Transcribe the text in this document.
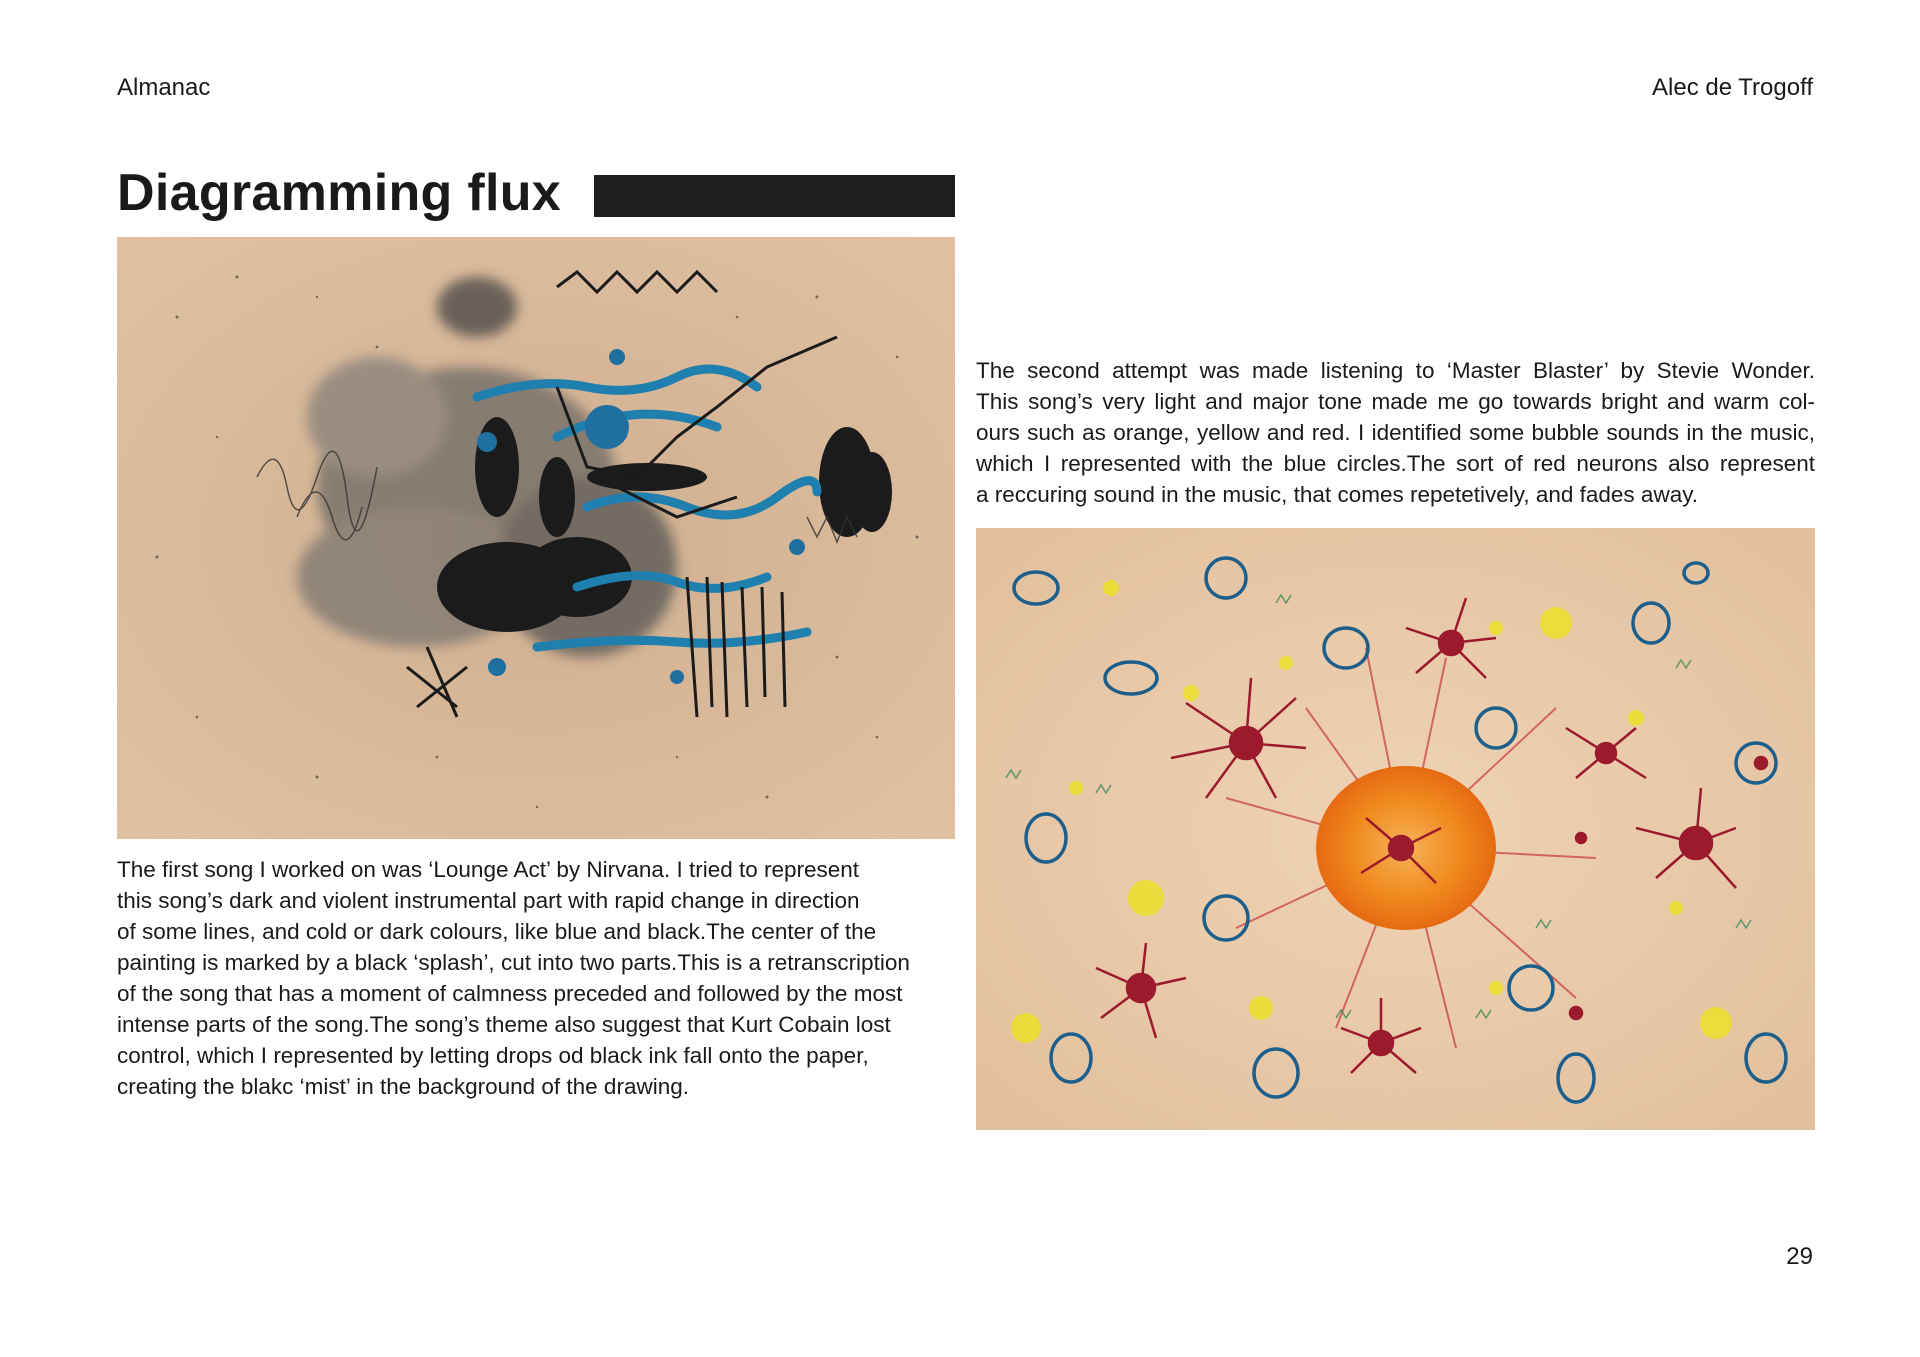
Almanac	Alec de Trogoff
Diagramming flux

The first song I worked on was ‘Lounge Act’ by Nirvana. I tried to represent
this song’s dark and violent instrumental part with rapid change in direction
of some lines, and cold or dark colours, like blue and black.The center of the
painting is marked by a black ‘splash’, cut into two parts.This is a retranscription
of the song that has a moment of calmness preceded and followed by the most
intense parts of the song.The song’s theme also suggest that Kurt Cobain lost
control, which I represented by letting drops od black ink fall onto the paper,
creating the blakc ‘mist’ in the background of the drawing.

The second attempt was made listening to ‘Master Blaster’ by Stevie Wonder.
This song’s very light and major tone made me go towards bright and warm col-
ours such as orange, yellow and red. I identified some bubble sounds in the music,
which I represented with the blue circles.The sort of red neurons also represent
a reccuring sound in the music, that comes repetetively, and fades away.

29
